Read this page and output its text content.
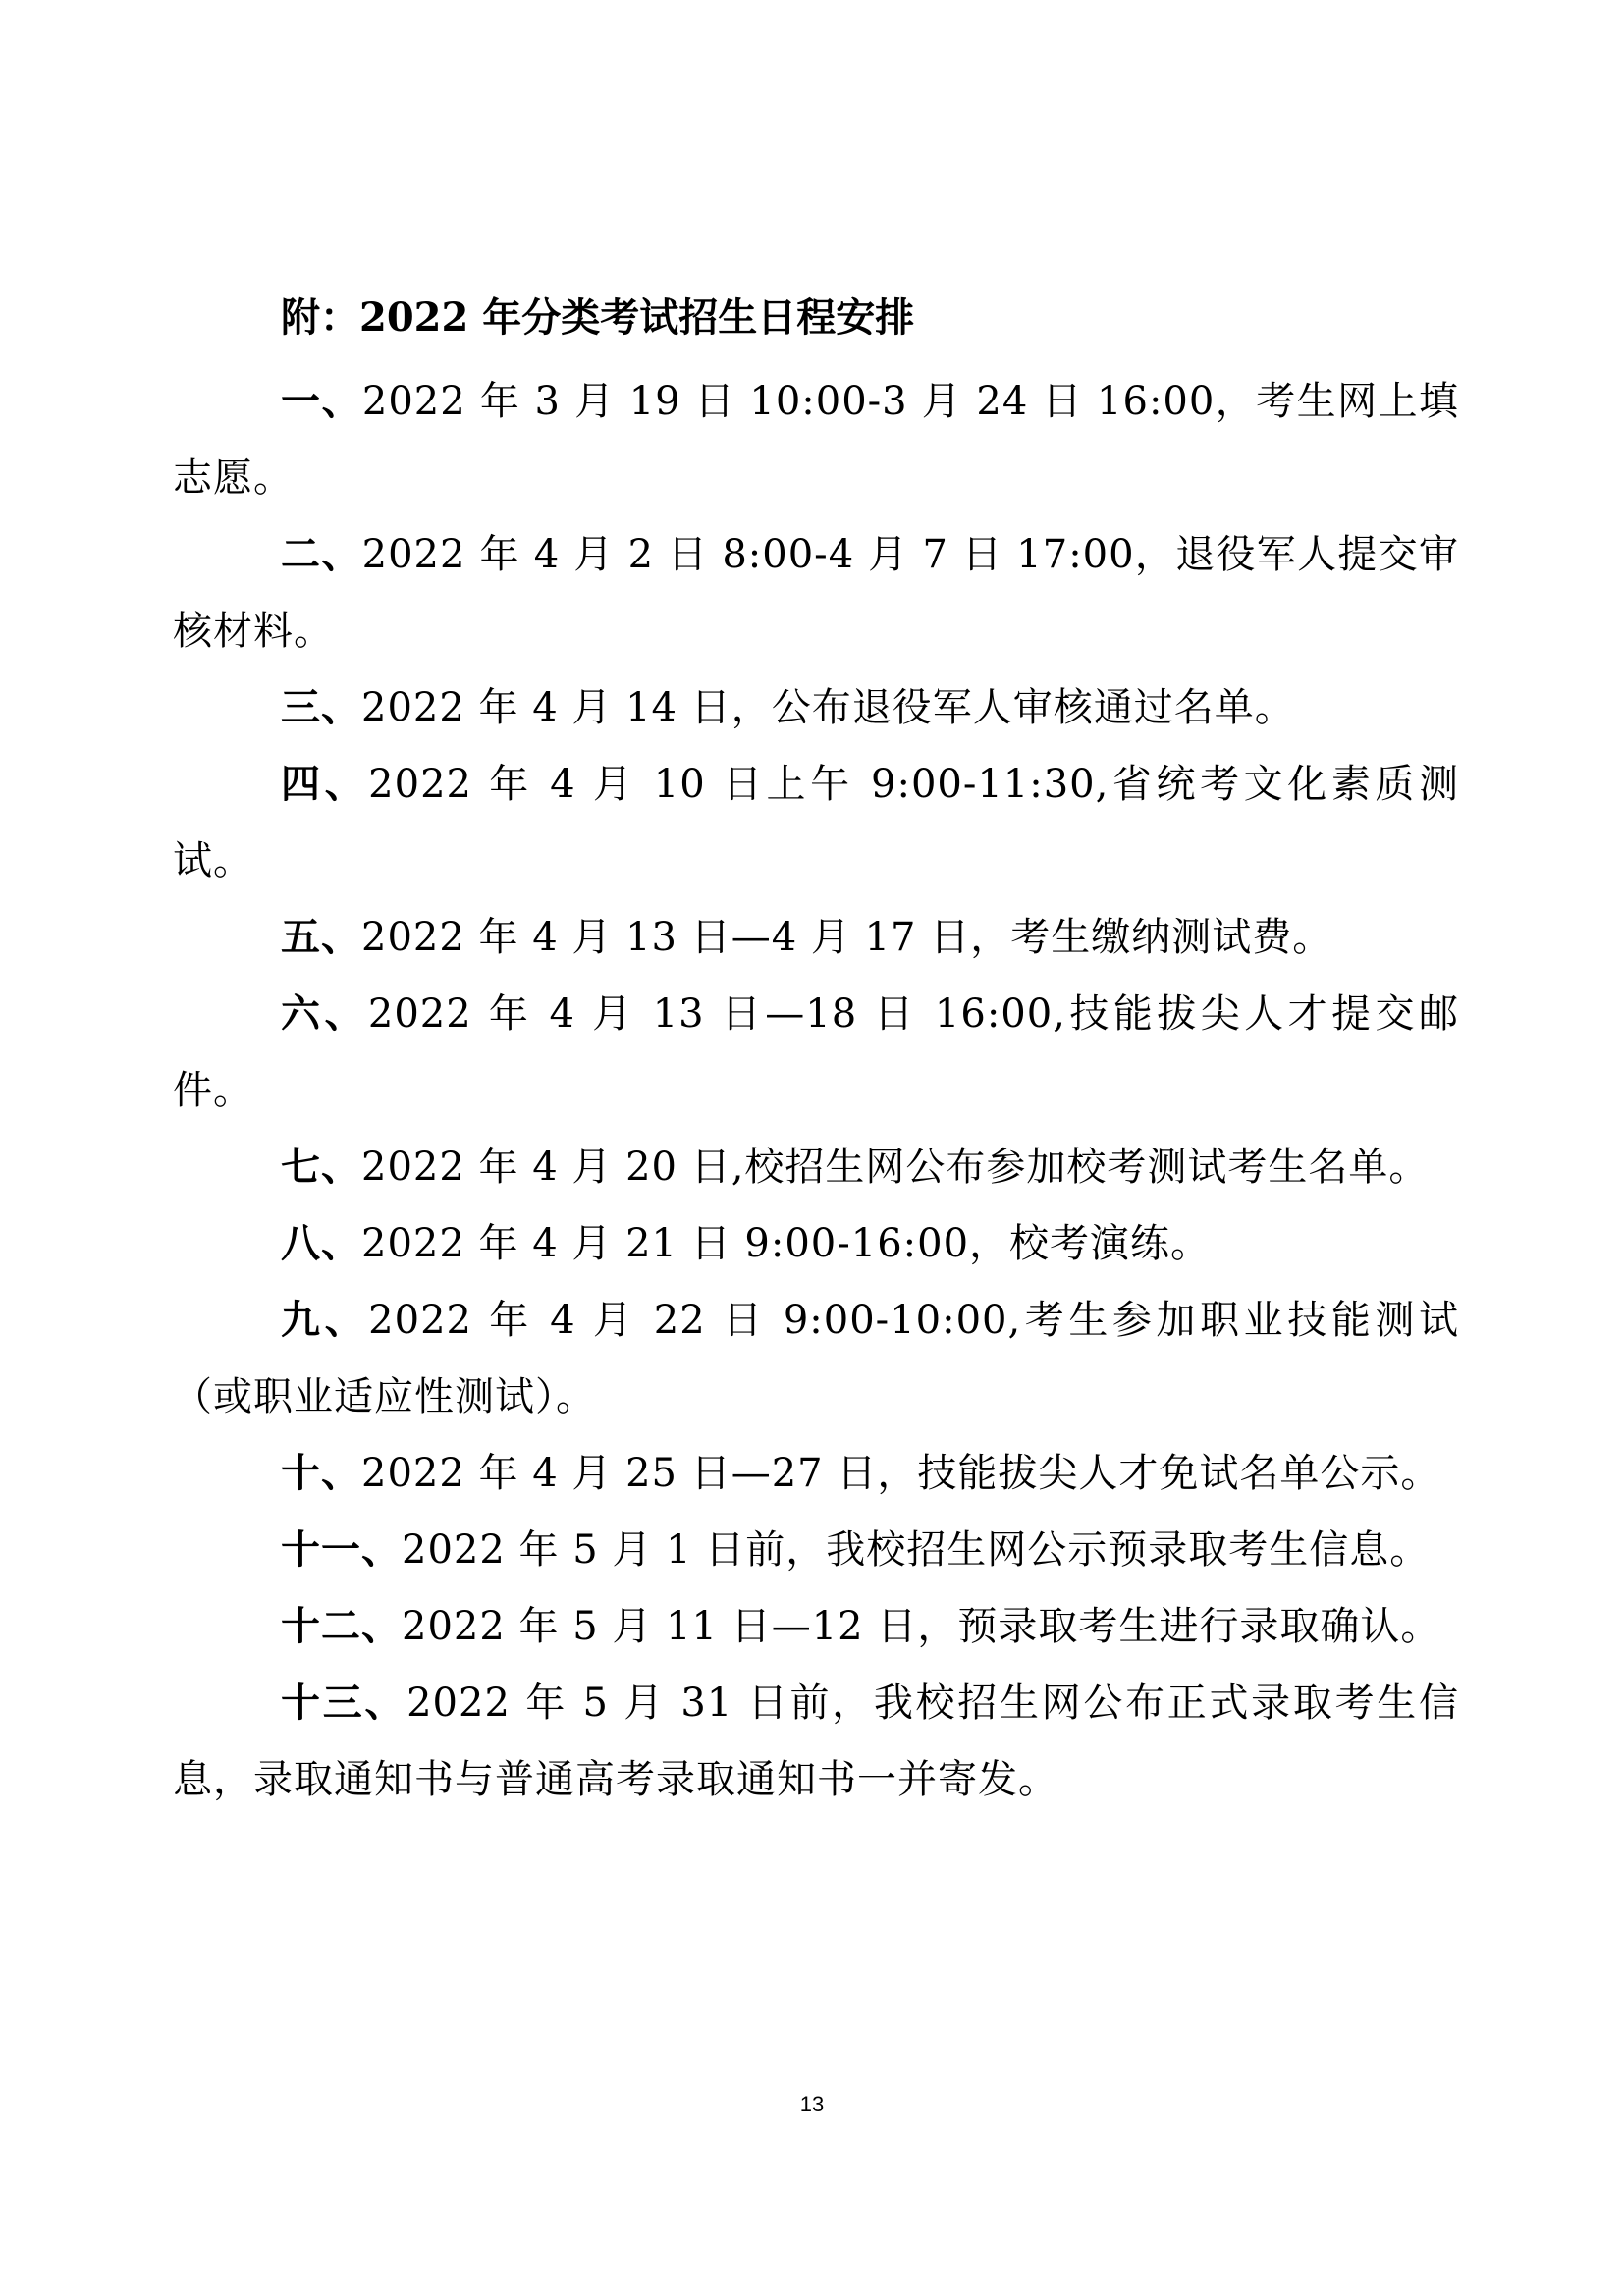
附：2022 年分类考试招生日程安排

一、2022 年 3 月 19 日 10:00-3 月 24 日 16:00，考生网上填志愿。

二、2022 年 4 月 2 日 8:00-4 月 7 日 17:00，退役军人提交审核材料。

三、2022 年 4 月 14 日，公布退役军人审核通过名单。

四、2022 年 4 月 10 日上午 9:00-11:30,省统考文化素质测试。

五、2022 年 4 月 13 日—4 月 17 日，考生缴纳测试费。

六、2022 年 4 月 13 日—18 日 16:00,技能拔尖人才提交邮件。

七、2022 年 4 月 20 日,校招生网公布参加校考测试考生名单。

八、2022 年 4 月 21 日 9:00-16:00，校考演练。

九、2022 年 4 月 22 日 9:00-10:00,考生参加职业技能测试（或职业适应性测试）。

十、2022 年 4 月 25 日—27 日，技能拔尖人才免试名单公示。

十一、2022 年 5 月 1 日前，我校招生网公示预录取考生信息。

十二、2022 年 5 月 11 日—12 日，预录取考生进行录取确认。

十三、2022 年 5 月 31 日前，我校招生网公布正式录取考生信息，录取通知书与普通高考录取通知书一并寄发。

13
